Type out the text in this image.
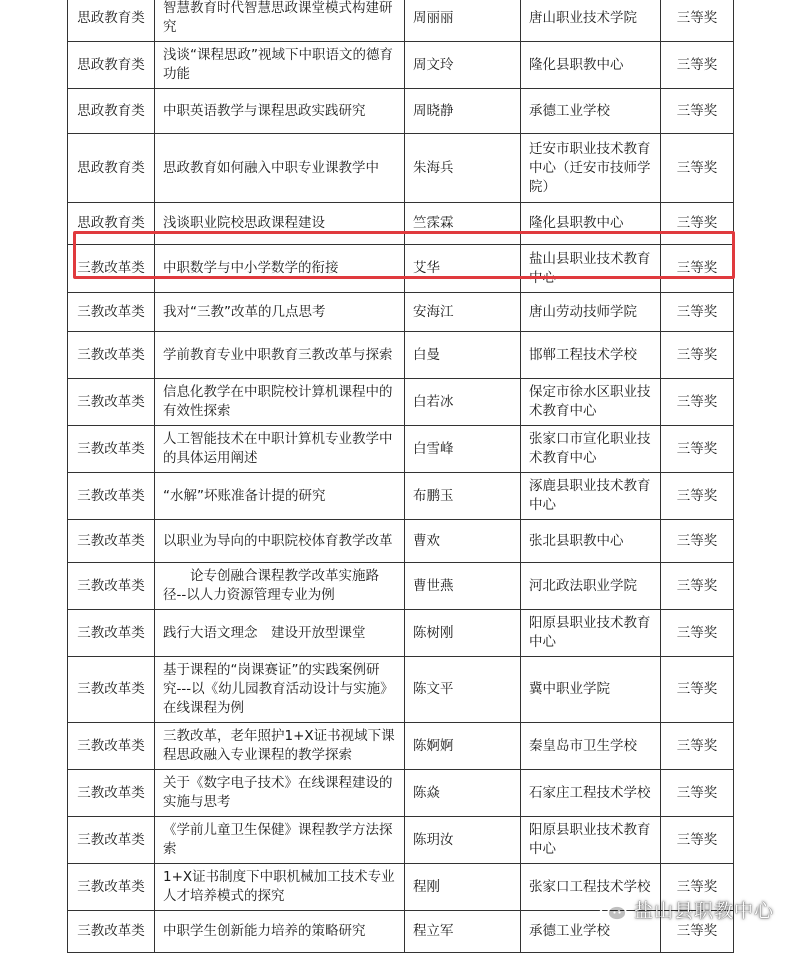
思政教育类	智慧教育时代智慧思政课堂模式构建研究	周丽丽	唐山职业技术学院	三等奖
思政教育类	浅谈“课程思政”视域下中职语文的德育功能	周文玲	隆化县职教中心	三等奖
思政教育类	中职英语教学与课程思政实践研究	周晓静	承德工业学校	三等奖
思政教育类	思政教育如何融入中职专业课教学中	朱海兵	迁安市职业技术教育中心（迁安市技师学院）	三等奖
思政教育类	浅谈职业院校思政课程建设	竺霂霖	隆化县职教中心	三等奖
三教改革类	中职数学与中小学数学的衔接	艾华	盐山县职业技术教育中心	三等奖
三教改革类	我对“三教”改革的几点思考	安海江	唐山劳动技师学院	三等奖
三教改革类	学前教育专业中职教育三教改革与探索	白曼	邯郸工程技术学校	三等奖
三教改革类	信息化教学在中职院校计算机课程中的有效性探索	白若冰	保定市徐水区职业技术教育中心	三等奖
三教改革类	人工智能技术在中职计算机专业教学中的具体运用阐述	白雪峰	张家口市宣化职业技术教育中心	三等奖
三教改革类	“水解”坏账准备计提的研究	布鹏玉	涿鹿县职业技术教育中心	三等奖
三教改革类	以职业为导向的中职院校体育教学改革	曹欢	张北县职教中心	三等奖
三教改革类	　　论专创融合课程教学改革实施路径--以人力资源管理专业为例	曹世燕	河北政法职业学院	三等奖
三教改革类	践行大语文理念　建设开放型课堂	陈树刚	阳原县职业技术教育中心	三等奖
三教改革类	基于课程的“岗课赛证”的实践案例研究---以《幼儿园教育活动设计与实施》在线课程为例	陈文平	冀中职业学院	三等奖
三教改革类	三教改革，老年照护1+X证书视域下课程思政融入专业课程的教学探索	陈婀婀	秦皇岛市卫生学校	三等奖
三教改革类	关于《数字电子技术》在线课程建设的实施与思考	陈焱	石家庄工程技术学校	三等奖
三教改革类	《学前儿童卫生保健》课程教学方法探索	陈玥汝	阳原县职业技术教育中心	三等奖
三教改革类	1+X证书制度下中职机械加工技术专业人才培养模式的探究	程刚	张家口工程技术学校	三等奖
三教改革类	中职学生创新能力培养的策略研究	程立军	承德工业学校	三等奖
盐山县职教中心
